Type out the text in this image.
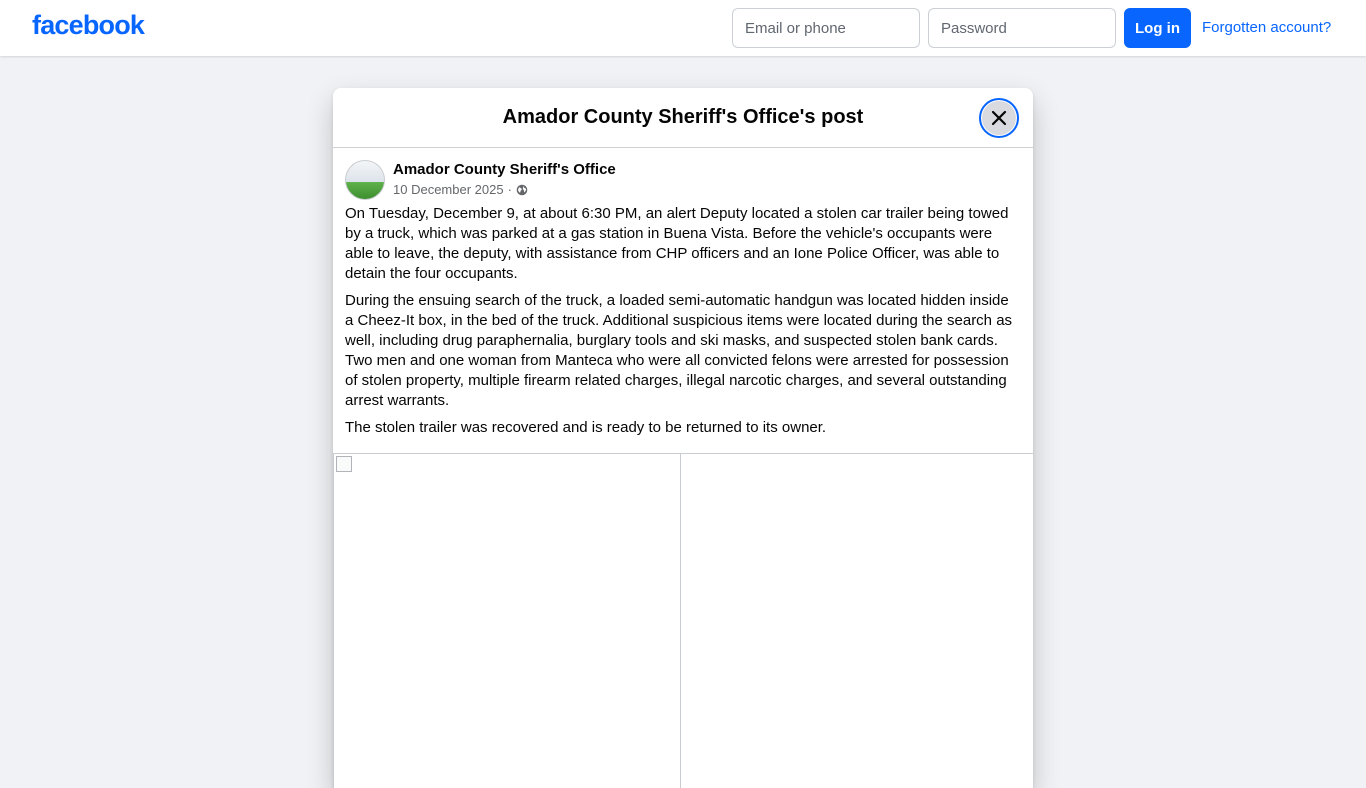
facebook
Email or phone	Log in	Forgotten account?
Amador County Sheriff's Office's post
Amador County Sheriff's Office
10 December 2025 ·

On Tuesday, December 9, at about 6:30 PM, an alert Deputy located a stolen car trailer being towed by a truck, which was parked at a gas station in Buena Vista. Before the vehicle's occupants were able to leave, the deputy, with assistance from CHP officers and an Ione Police Officer, was able to detain the four occupants.

During the ensuing search of the truck, a loaded semi-automatic handgun was located hidden inside a Cheez-It box, in the bed of the truck. Additional suspicious items were located during the search as well, including drug paraphernalia, burglary tools and ski masks, and suspected stolen bank cards. Two men and one woman from Manteca who were all convicted felons were arrested for possession of stolen property, multiple firearm related charges, illegal narcotic charges, and several outstanding arrest warrants.

The stolen trailer was recovered and is ready to be returned to its owner.
